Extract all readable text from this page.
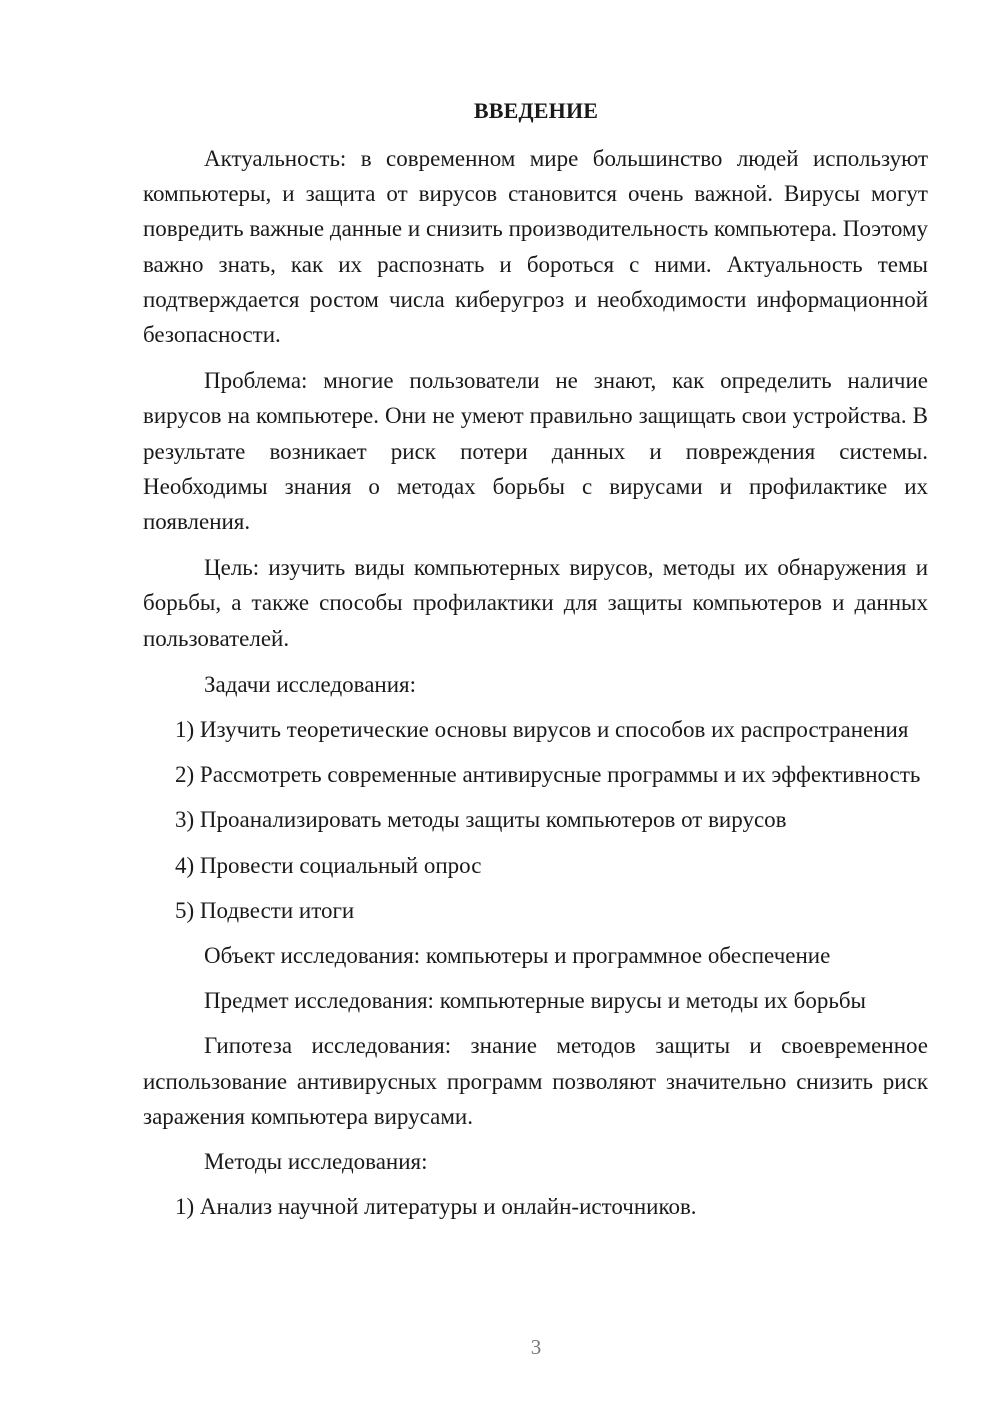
ВВЕДЕНИЕ

Актуальность: в современном мире большинство людей используют компьютеры, и защита от вирусов становится очень важной. Вирусы могут повредить важные данные и снизить производительность компьютера. Поэтому важно знать, как их распознать и бороться с ними. Актуальность темы подтверждается ростом числа киберугроз и необходимости информационной безопасности.

Проблема: многие пользователи не знают, как определить наличие вирусов на компьютере. Они не умеют правильно защищать свои устройства. В результате возникает риск потери данных и повреждения системы. Необходимы знания о методах борьбы с вирусами и профилактике их появления.

Цель: изучить виды компьютерных вирусов, методы их обнаружения и борьбы, а также способы профилактики для защиты компьютеров и данных пользователей.

Задачи исследования:

1) Изучить теоретические основы вирусов и способов их распространения

2) Рассмотреть современные антивирусные программы и их эффективность

3) Проанализировать методы защиты компьютеров от вирусов

4) Провести социальный опрос

5) Подвести итоги

Объект исследования: компьютеры и программное обеспечение

Предмет исследования: компьютерные вирусы и методы их борьбы

Гипотеза исследования: знание методов защиты и своевременное использование антивирусных программ позволяют значительно снизить риск заражения компьютера вирусами.

Методы исследования:

1) Анализ научной литературы и онлайн-источников.

3
